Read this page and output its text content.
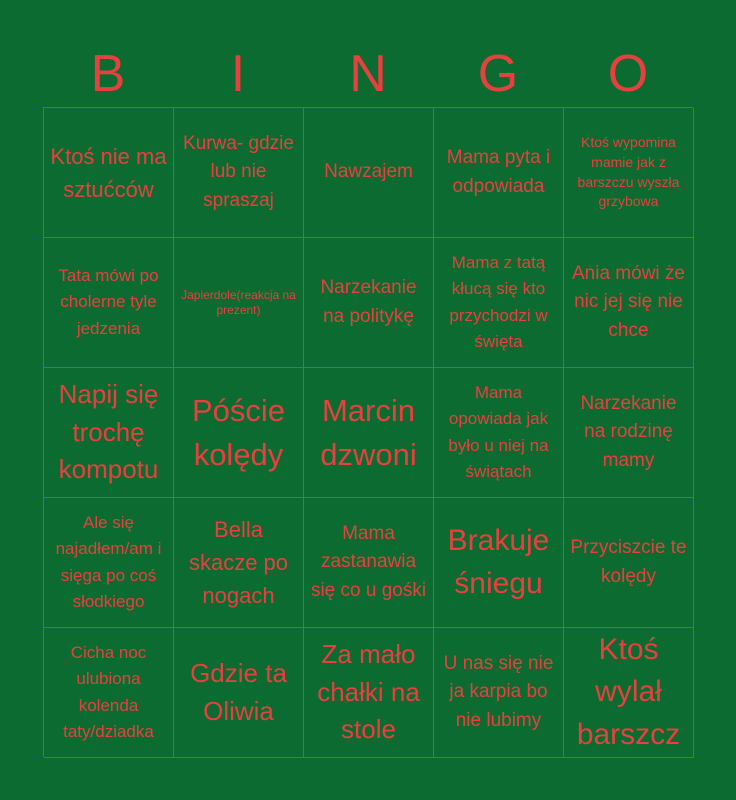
B	I	N	G	O
Ktoś nie ma sztućców
Kurwa- gdzie lub nie spraszaj
Nawzajem
Mama pyta i odpowiada
Ktoś wypomina mamie jak z barszczu wyszła grzybowa
Tata mówi po cholerne tyle jedzenia
Japierdole(reakcja na prezent)
Narzekanie na politykę
Mama z tatą kłucą się kto przychodzi w święta
Ania mówi że nic jej się nie chce
Napij się trochę kompotu
Póście kolędy
Marcin dzwoni
Mama opowiada jak było u niej na świątach
Narzekanie na rodzinę mamy
Ale się najadłem/am i sięga po coś słodkiego
Bella skacze po nogach
Mama zastanawia się co u gośki
Brakuje śniegu
Przyciszcie te kolędy
Cicha noc ulubiona kolenda taty/dziadka
Gdzie ta Oliwia
Za mało chałki na stole
U nas się nie ja karpia bo nie lubimy
Ktoś wylał barszcz
